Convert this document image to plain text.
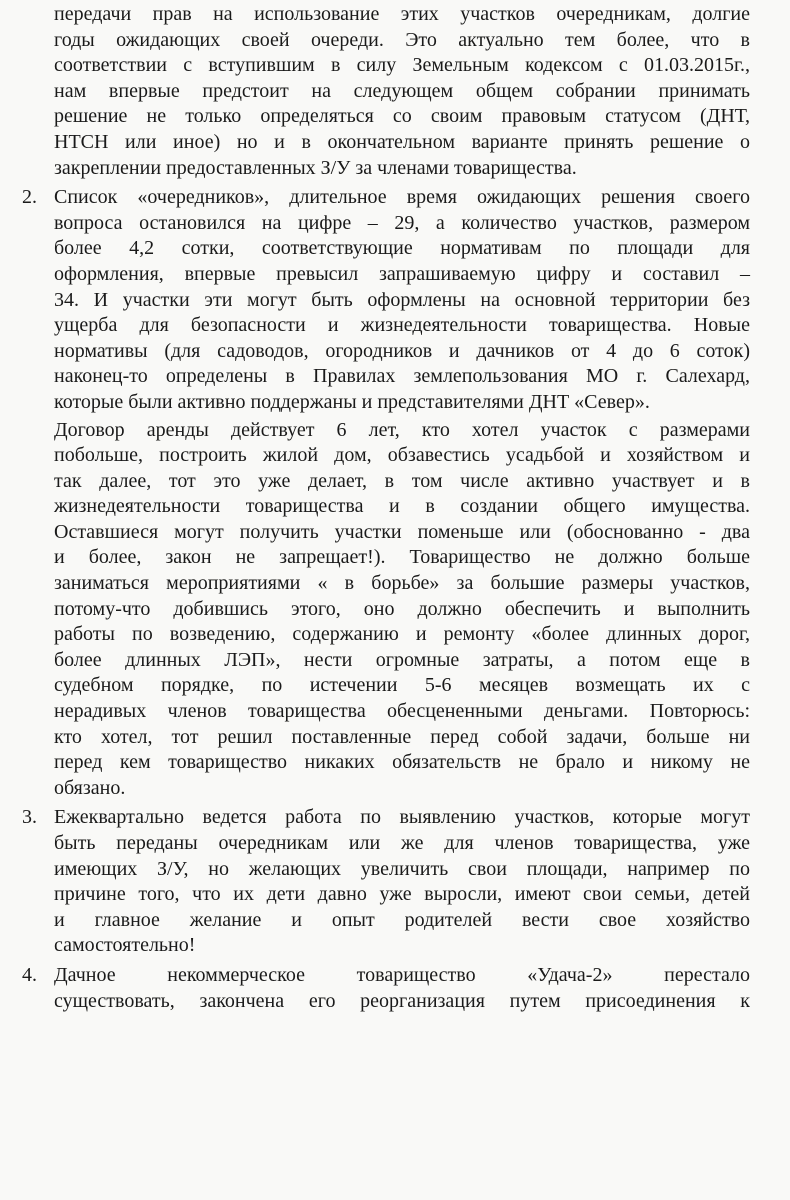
передачи прав на использование этих участков очередникам, долгие

годы ожидающих своей очереди. Это актуально тем более, что в

соответствии с вступившим в силу Земельным кодексом с 01.03.2015г.,

нам впервые предстоит на следующем общем собрании принимать

решение не только определяться со своим правовым статусом (ДНТ,

НТСН или иное) но и в окончательном варианте принять решение о

закреплении предоставленных З/У за членами товарищества.

2. Список «очередников», длительное время ожидающих решения своего

вопроса остановился на цифре – 29, а количество участков, размером

более 4,2 сотки, соответствующие нормативам по площади для

оформления, впервые превысил запрашиваемую цифру и составил –

34. И участки эти могут быть оформлены на основной территории без

ущерба для безопасности и жизнедеятельности товарищества. Новые

нормативы (для садоводов, огородников и дачников от 4 до 6 соток)

наконец-то определены в Правилах землепользования МО г. Салехард,

которые были активно поддержаны и представителями ДНТ «Север».

Договор аренды действует 6 лет, кто хотел участок с размерами

побольше, построить жилой дом, обзавестись усадьбой и хозяйством и

так далее, тот это уже делает, в том числе активно участвует и в

жизнедеятельности товарищества и в создании общего имущества.

Оставшиеся могут получить участки поменьше или (обоснованно - два

и более, закон не запрещает!). Товарищество не должно больше

заниматься мероприятиями « в борьбе» за большие размеры участков,

потому-что добившись этого, оно должно обеспечить и выполнить

работы по возведению, содержанию и ремонту «более длинных дорог,

более длинных ЛЭП», нести огромные затраты, а потом еще в

судебном порядке, по истечении 5-6 месяцев возмещать их с

нерадивых членов товарищества обесцененными деньгами. Повторюсь:

кто хотел, тот решил поставленные перед собой задачи, больше ни

перед кем товарищество никаких обязательств не брало и никому не

обязано.

3. Ежеквартально ведется работа по выявлению участков, которые могут

быть переданы очередникам или же для членов товарищества, уже

имеющих З/У, но желающих увеличить свои площади, например по

причине того, что их дети давно уже выросли, имеют свои семьи, детей

и главное желание и опыт родителей вести свое хозяйство

самостоятельно!

4. Дачное некоммерческое товарищество «Удача-2» перестало

существовать, закончена его реорганизация путем присоединения к
